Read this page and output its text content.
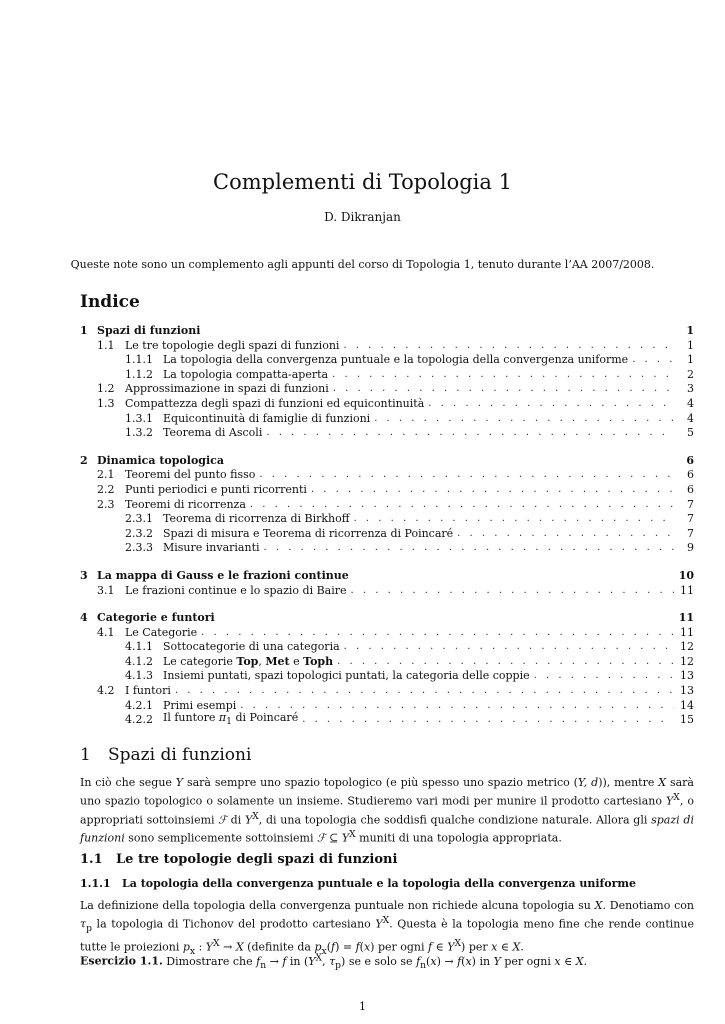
Complementi di Topologia 1
D. Dikranjan
Queste note sono un complemento agli appunti del corso di Topologia 1, tenuto durante l’AA 2007/2008.
Indice
1 Spazi di funzioni	1
1.1 Le tre topologie degli spazi di funzioni . . .	1
1.1.1 La topologia della convergenza puntuale e la topologia della convergenza uniforme . . .	1
1.1.2 La topologia compatta-aperta . . .	2
1.2 Approssimazione in spazi di funzioni . . .	3
1.3 Compattezza degli spazi di funzioni ed equicontinuità . . .	4
1.3.1 Equicontinuità di famiglie di funzioni . . .	4
1.3.2 Teorema di Ascoli . . .	5
2 Dinamica topologica	6
2.1 Teoremi del punto fisso . . .	6
2.2 Punti periodici e punti ricorrenti . . .	6
2.3 Teoremi di ricorrenza . . .	7
2.3.1 Teorema di ricorrenza di Birkhoff . . .	7
2.3.2 Spazi di misura e Teorema di ricorrenza di Poincaré . . .	7
2.3.3 Misure invarianti . . .	9
3 La mappa di Gauss e le frazioni continue	10
3.1 Le frazioni continue e lo spazio di Baire . . .	11
4 Categorie e funtori	11
4.1 Le Categorie . . .	11
4.1.1 Sottocategorie di una categoria . . .	12
4.1.2 Le categorie Top, Met e Toph . . .	12
4.1.3 Insiemi puntati, spazi topologici puntati, la categoria delle coppie . . .	13
4.2 I funtori . . .	13
4.2.1 Primi esempi . . .	14
4.2.2 Il funtore $\pi_1$ di Poincaré . . .	15
1 Spazi di funzioni
In ciò che segue Y sarà sempre uno spazio topologico (e più spesso uno spazio metrico (Y, d)), mentre X sarà uno spazio topologico o solamente un insieme. Studieremo vari modi per munire il prodotto cartesiano $Y^X$, o appropriati sottoinsiemi ℱ di $Y^X$, di una topologia che soddisfi qualche condizione naturale. Allora gli spazi di funzioni sono semplicemente sottoinsiemi ℱ ⊆ $Y^X$ muniti di una topologia appropriata.
1.1 Le tre topologie degli spazi di funzioni
1.1.1 La topologia della convergenza puntuale e la topologia della convergenza uniforme
La definizione della topologia della convergenza puntuale non richiede alcuna topologia su X. Denotiamo con $\tau_p$ la topologia di Tichonov del prodotto cartesiano $Y^X$. Questa è la topologia meno fine che rende continue tutte le proiezioni $p_x$ : $Y^X \to X$ (definite da $p_x(f) = f(x)$ per ogni f ∈ $Y^X$) per x ∈ X.
Esercizio 1.1. Dimostrare che $f_n \to f$ in ($Y^X$, $\tau_p$) se e solo se $f_n(x) \to f(x)$ in Y per ogni x ∈ X.
1
